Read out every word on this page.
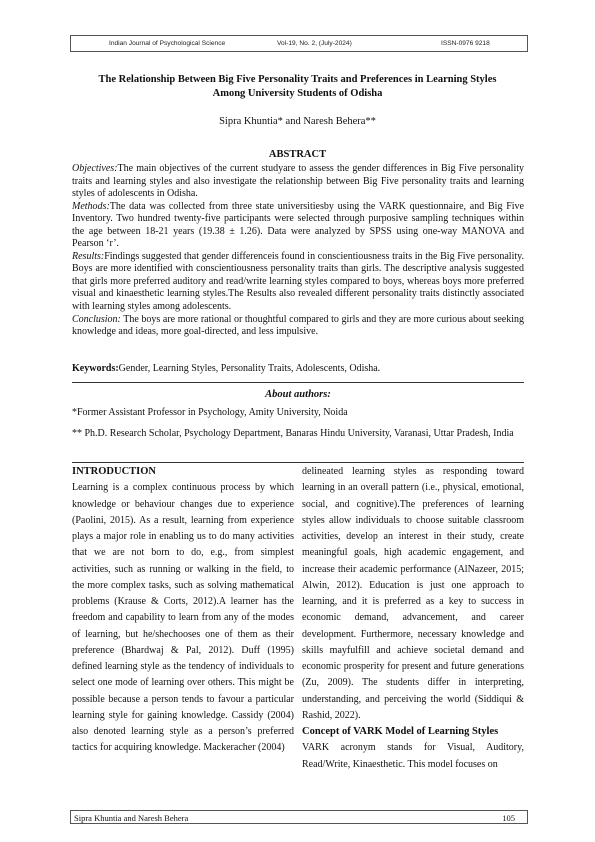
Indian Journal of Psychological Science	Vol-19, No. 2, (July-2024)	ISSN-0976 9218
The Relationship Between Big Five Personality Traits and Preferences in Learning Styles
Among University Students of Odisha
Sipra Khuntia* and Naresh Behera**
ABSTRACT

Objectives:The main objectives of the current studyare to assess the gender differences in Big Five personality traits and learning styles and also investigate the relationship between Big Five personality traits and learning styles of adolescents in Odisha.

Methods:The data was collected from three state universitiesby using the VARK questionnaire, and Big Five Inventory. Two hundred twenty-five participants were selected through purposive sampling techniques within the age between 18-21 years (19.38 ± 1.26). Data were analyzed by SPSS using one-way MANOVA and Pearson ‘r’.

Results:Findings suggested that gender differenceis found in conscientiousness traits in the Big Five personality. Boys are more identified with conscientiousness personality traits than girls. The descriptive analysis suggested that girls more preferred auditory and read/write learning styles compared to boys, whereas boys more preferred visual and kinaesthetic learning styles.The Results also revealed different personality traits distinctly associated with learning styles among adolescents.

Conclusion: The boys are more rational or thoughtful compared to girls and they are more curious about seeking knowledge and ideas, more goal-directed, and less impulsive.

Keywords:Gender, Learning Styles, Personality Traits, Adolescents, Odisha.
About authors:
*Former Assistant Professor in Psychology, Amity University, Noida
** Ph.D. Research Scholar, Psychology Department, Banaras Hindu University, Varanasi, Uttar Pradesh, India

INTRODUCTION

Learning is a complex continuous process by which knowledge or behaviour changes due to experience (Paolini, 2015). As a result, learning from experience plays a major role in enabling us to do many activities that we are not born to do, e.g., from simplest activities, such as running or walking in the field, to the more complex tasks, such as solving mathematical problems (Krause & Corts, 2012).A learner has the freedom and capability to learn from any of the modes of learning, but he/shechooses one of them as their preference (Bhardwaj & Pal, 2012). Duff (1995) defined learning style as the tendency of individuals to select one mode of learning over others. This might be possible because a person tends to favour a particular learning style for gaining knowledge. Cassidy (2004) also denoted learning style as a person’s preferred tactics for acquiring knowledge. Mackeracher (2004)

delineated learning styles as responding toward learning in an overall pattern (i.e., physical, emotional, social, and cognitive).The preferences of learning styles allow individuals to choose suitable classroom activities, develop an interest in their study, create meaningful goals, high academic engagement, and increase their academic performance (AlNazeer, 2015; Alwin, 2012). Education is just one approach to learning, and it is preferred as a key to success in economic demand, advancement, and career development. Furthermore, necessary knowledge and skills mayfulfill and achieve societal demand and economic prosperity for present and future generations (Zu, 2009). The students differ in interpreting, understanding, and perceiving the world (Siddiqui & Rashid, 2022).

Concept of VARK Model of Learning Styles

VARK acronym stands for Visual, Auditory, Read/Write, Kinaesthetic. This model focuses on

Sipra Khuntia and Naresh Behera	105
